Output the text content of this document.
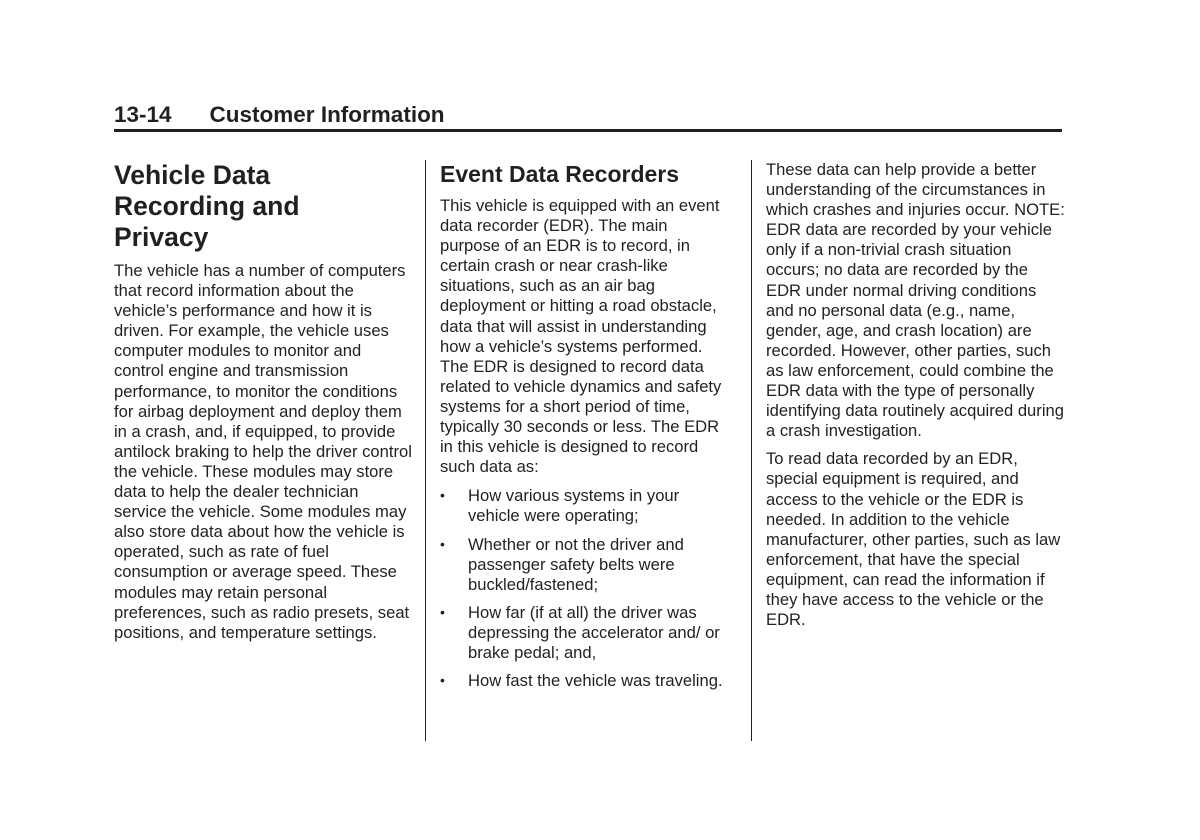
13-14 Customer Information
Vehicle Data Recording and Privacy

The vehicle has a number of computers that record information about the vehicle’s performance and how it is driven. For example, the vehicle uses computer modules to monitor and control engine and transmission performance, to monitor the conditions for airbag deployment and deploy them in a crash, and, if equipped, to provide antilock braking to help the driver control the vehicle. These modules may store data to help the dealer technician service the vehicle. Some modules may also store data about how the vehicle is operated, such as rate of fuel consumption or average speed. These modules may retain personal preferences, such as radio presets, seat positions, and temperature settings.

Event Data Recorders

This vehicle is equipped with an event data recorder (EDR). The main purpose of an EDR is to record, in certain crash or near crash-like situations, such as an air bag deployment or hitting a road obstacle, data that will assist in understanding how a vehicle’s systems performed. The EDR is designed to record data related to vehicle dynamics and safety systems for a short period of time, typically 30 seconds or less. The EDR in this vehicle is designed to record such data as:

• How various systems in your vehicle were operating;
• Whether or not the driver and passenger safety belts were buckled/fastened;
• How far (if at all) the driver was depressing the accelerator and/ or brake pedal; and,
• How fast the vehicle was traveling.

These data can help provide a better understanding of the circumstances in which crashes and injuries occur. NOTE: EDR data are recorded by your vehicle only if a non-trivial crash situation occurs; no data are recorded by the EDR under normal driving conditions and no personal data (e.g., name, gender, age, and crash location) are recorded. However, other parties, such as law enforcement, could combine the EDR data with the type of personally identifying data routinely acquired during a crash investigation.

To read data recorded by an EDR, special equipment is required, and access to the vehicle or the EDR is needed. In addition to the vehicle manufacturer, other parties, such as law enforcement, that have the special equipment, can read the information if they have access to the vehicle or the EDR.
